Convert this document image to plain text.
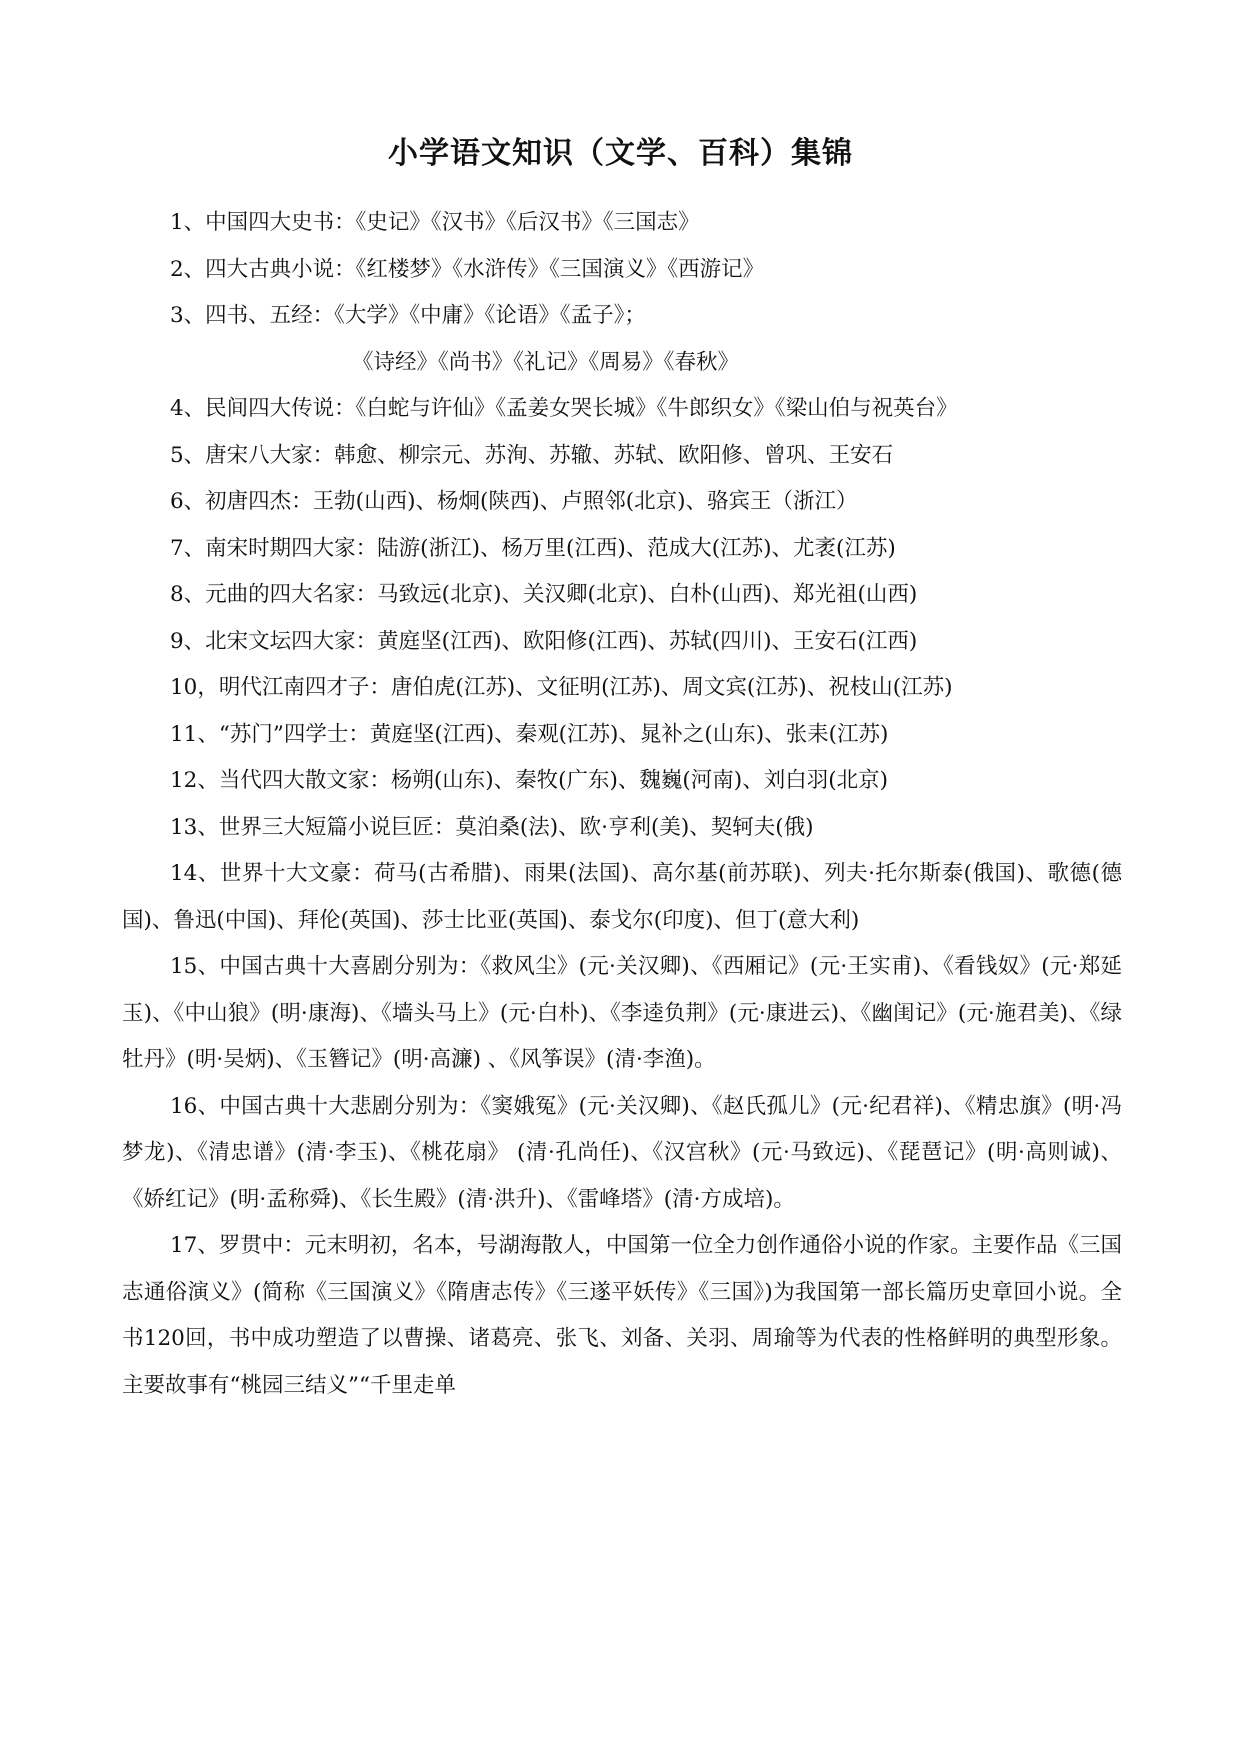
小学语文知识（文学、百科）集锦

1、中国四大史书：《史记》《汉书》《后汉书》《三国志》

2、四大古典小说：《红楼梦》《水浒传》《三国演义》《西游记》

3、四书、五经：《大学》《中庸》《论语》《孟子》；

《诗经》《尚书》《礼记》《周易》《春秋》

4、民间四大传说：《白蛇与许仙》《孟姜女哭长城》《牛郎织女》《梁山伯与祝英台》

5、唐宋八大家：韩愈、柳宗元、苏洵、苏辙、苏轼、欧阳修、曾巩、王安石

6、初唐四杰：王勃(山西)、杨炯(陕西)、卢照邻(北京)、骆宾王（浙江）

7、南宋时期四大家：陆游(浙江)、杨万里(江西)、范成大(江苏)、尤袤(江苏)

8、元曲的四大名家：马致远(北京)、关汉卿(北京)、白朴(山西)、郑光祖(山西)

9、北宋文坛四大家：黄庭坚(江西)、欧阳修(江西)、苏轼(四川)、王安石(江西)

10，明代江南四才子：唐伯虎(江苏)、文征明(江苏)、周文宾(江苏)、祝枝山(江苏)

11、“苏门”四学士：黄庭坚(江西)、秦观(江苏)、晁补之(山东)、张耒(江苏)

12、当代四大散文家：杨朔(山东)、秦牧(广东)、魏巍(河南)、刘白羽(北京)

13、世界三大短篇小说巨匠：莫泊桑(法)、欧·亨利(美)、契轲夫(俄)

14、世界十大文豪：荷马(古希腊)、雨果(法国)、高尔基(前苏联)、列夫·托尔斯泰(俄国)、歌德(德国)、鲁迅(中国)、拜伦(英国)、莎士比亚(英国)、泰戈尔(印度)、但丁(意大利)

15、中国古典十大喜剧分别为：《救风尘》(元·关汉卿)、《西厢记》(元·王实甫)、《看钱奴》(元·郑延玉)、《中山狼》(明·康海)、《墙头马上》(元·白朴)、《李逵负荆》(元·康进云)、《幽闺记》(元·施君美)、《绿牡丹》(明·吴炳)、《玉簪记》(明·高濂) 、《风筝误》(清·李渔)。

16、中国古典十大悲剧分别为：《窦娥冤》(元·关汉卿)、《赵氏孤儿》(元·纪君祥)、《精忠旗》(明·冯梦龙)、《清忠谱》(清·李玉)、《桃花扇》 (清·孔尚任)、《汉宫秋》(元·马致远)、《琵琶记》(明·高则诚)、《娇红记》(明·孟称舜)、《长生殿》(清·洪升)、《雷峰塔》(清·方成培)。

17、罗贯中：元末明初，名本，号湖海散人，中国第一位全力创作通俗小说的作家。主要作品《三国志通俗演义》(简称《三国演义》《隋唐志传》《三遂平妖传》《三国》)为我国第一部长篇历史章回小说。全书120回，书中成功塑造了以曹操、诸葛亮、张飞、刘备、关羽、周瑜等为代表的性格鲜明的典型形象。主要故事有“桃园三结义”“千里走单
